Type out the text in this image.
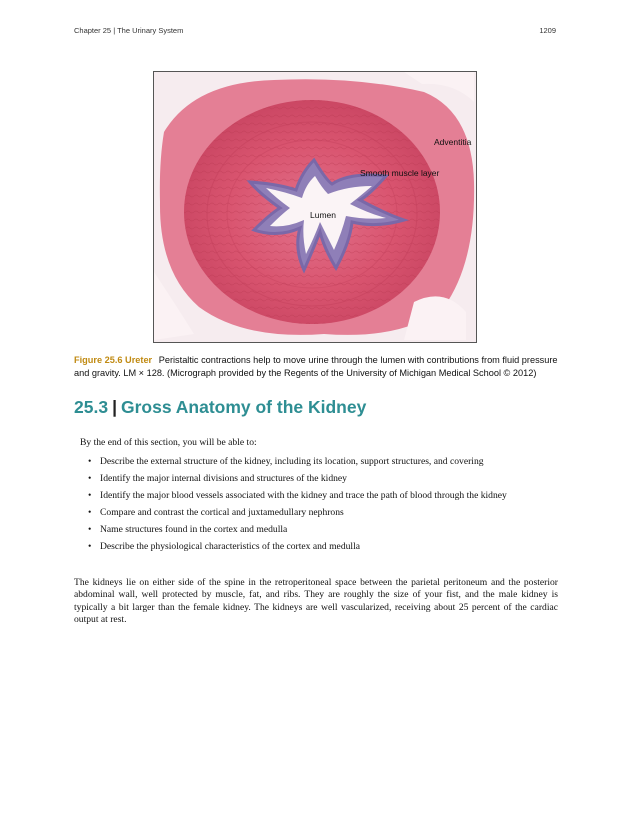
Chapter 25 | The Urinary System	1209
Adventitia
Smooth muscle layer
Lumen
Figure 25.6 Ureter Peristaltic contractions help to move urine through the lumen with contributions from fluid pressure and gravity. LM × 128. (Micrograph provided by the Regents of the University of Michigan Medical School © 2012)
25.3 | Gross Anatomy of the Kidney

By the end of this section, you will be able to:

• Describe the external structure of the kidney, including its location, support structures, and covering
• Identify the major internal divisions and structures of the kidney
• Identify the major blood vessels associated with the kidney and trace the path of blood through the kidney
• Compare and contrast the cortical and juxtamedullary nephrons
• Name structures found in the cortex and medulla
• Describe the physiological characteristics of the cortex and medulla

The kidneys lie on either side of the spine in the retroperitoneal space between the parietal peritoneum and the posterior abdominal wall, well protected by muscle, fat, and ribs. They are roughly the size of your fist, and the male kidney is typically a bit larger than the female kidney. The kidneys are well vascularized, receiving about 25 percent of the cardiac output at rest.
